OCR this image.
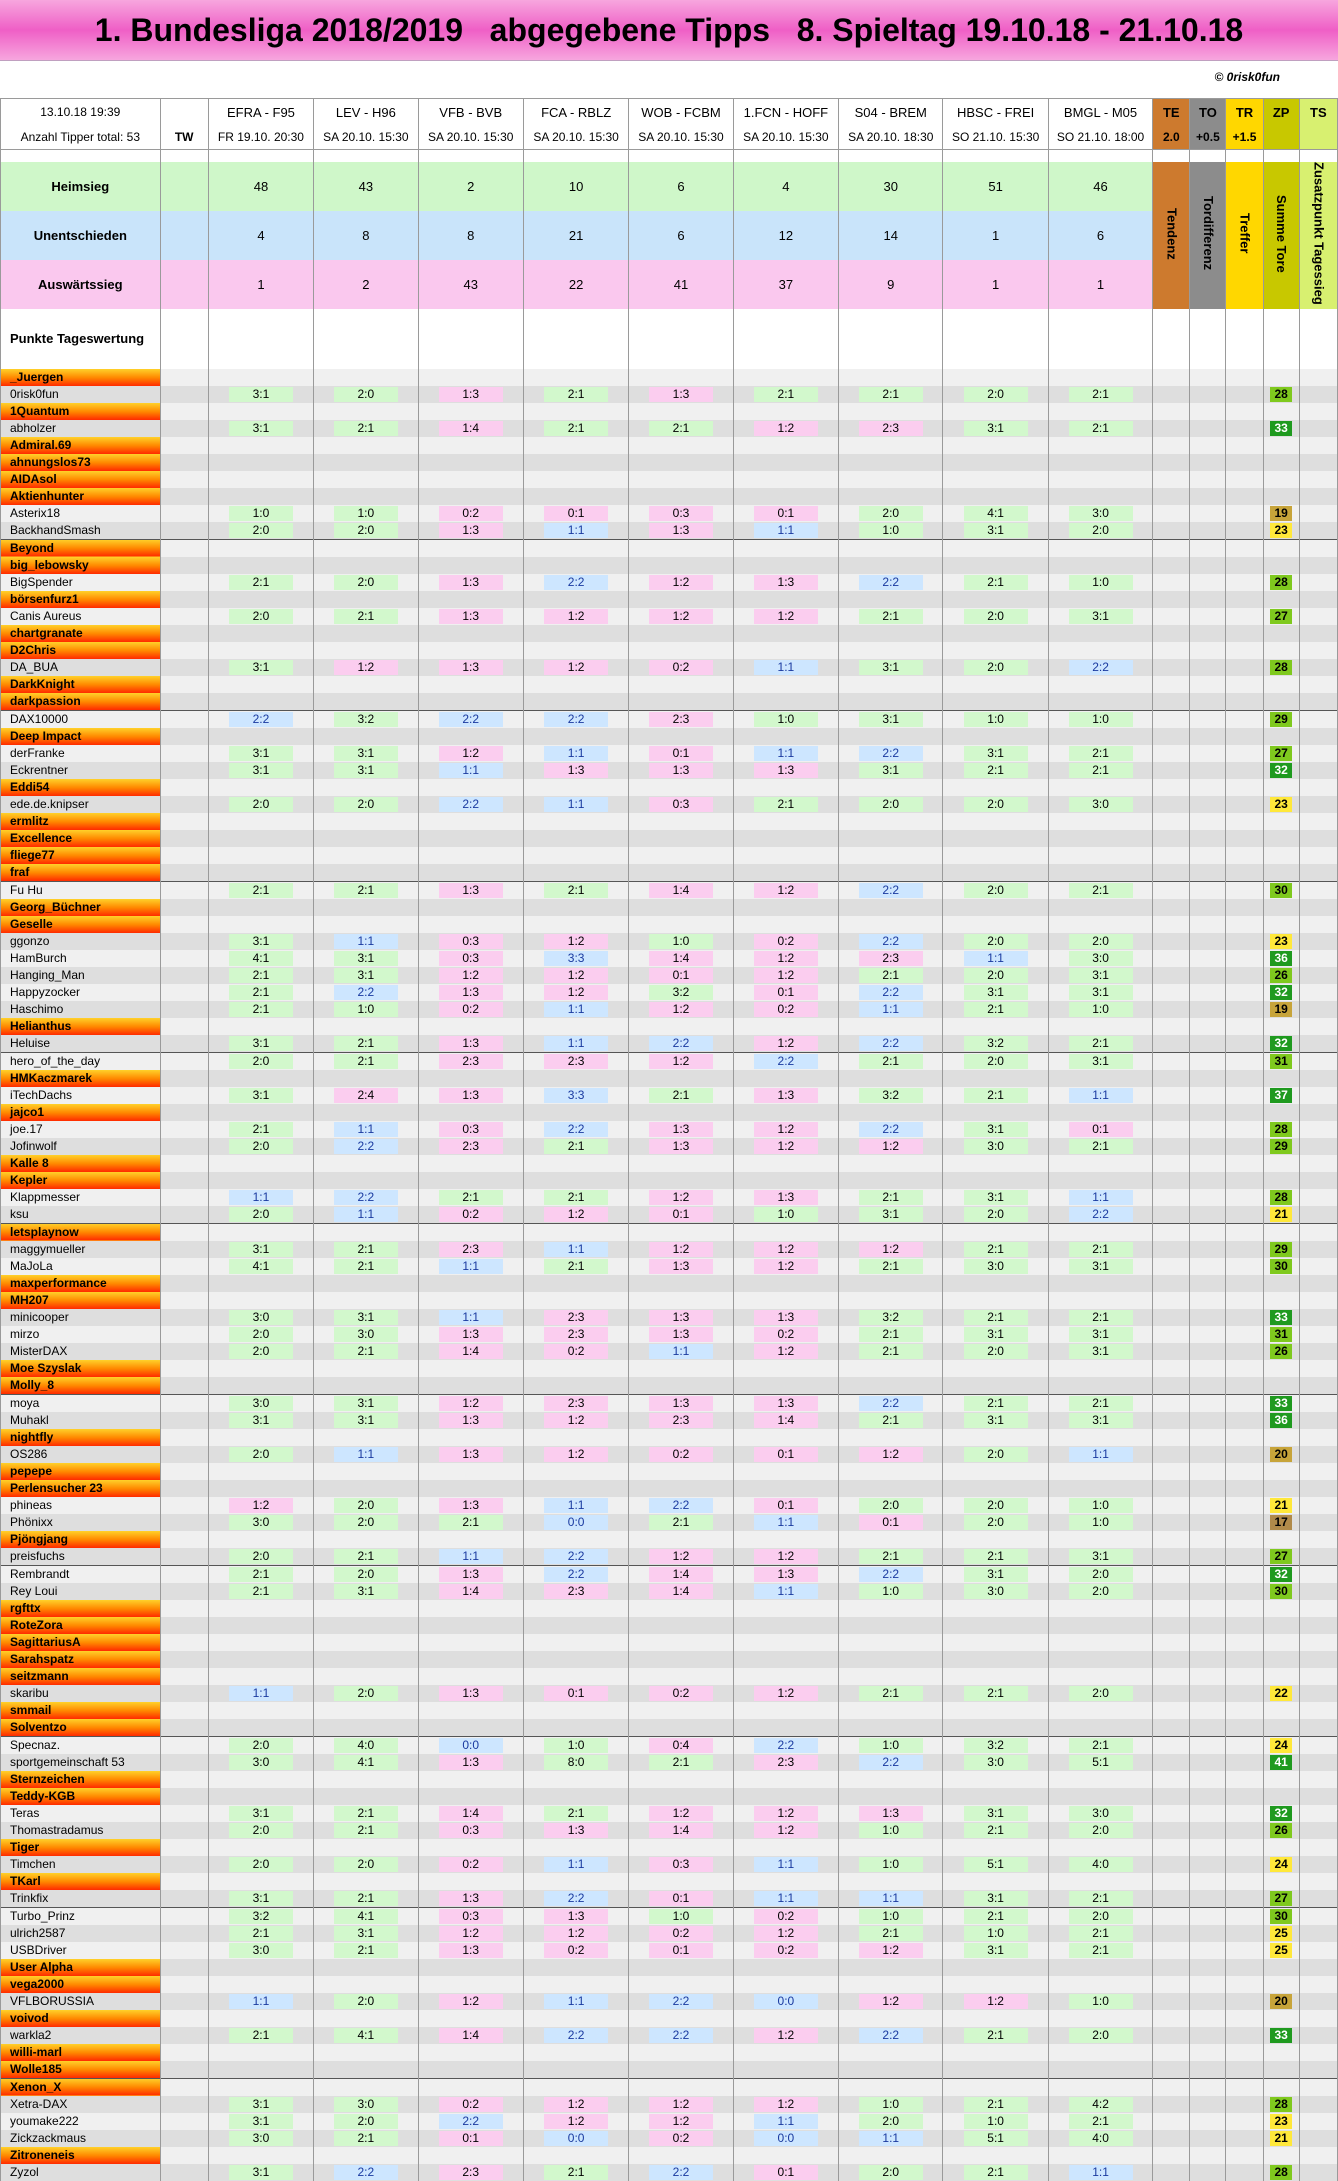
1. Bundesliga 2018/2019   abgegebene Tipps   8. Spieltag 19.10.18 - 21.10.18
© 0risk0fun
13.10.18 19:39		EFRA - F95	LEV - H96	VFB - BVB	FCA - RBLZ	WOB - FCBM	1.FCN - HOFF	S04 - BREM	HBSC - FREI	BMGL - M05	TE	TO	TR	ZP	TS
Anzahl Tipper total: 53	TW	FR 19.10. 20:30	SA 20.10. 15:30	SA 20.10. 15:30	SA 20.10. 15:30	SA 20.10. 15:30	SA 20.10. 15:30	SA 20.10. 18:30	SO 21.10. 15:30	SO 21.10. 18:00	2.0	+0.5	+1.5		

Heimsieg		48	43	2	10	6	4	30	51	46	Tendenz	Tordifferenz	Treffer	Summe Tore	Zusatzpunkt Tagessieg
Unentschieden		4	8	8	21	6	12	14	1	6					
Auswärtssieg		1	2	43	22	41	37	9	1	1					
Punkte Tageswertung															
_Juergen															
0risk0fun		3:1	2:0	1:3	2:1	1:3	2:1	2:1	2:0	2:1				28	
1Quantum															
abholzer		3:1	2:1	1:4	2:1	2:1	1:2	2:3	3:1	2:1				33	
Admiral.69															
ahnungslos73															
AIDAsol															
Aktienhunter															
Asterix18		1:0	1:0	0:2	0:1	0:3	0:1	2:0	4:1	3:0				19	
BackhandSmash		2:0	2:0	1:3	1:1	1:3	1:1	1:0	3:1	2:0				23	
Beyond															
big_lebowsky															
BigSpender		2:1	2:0	1:3	2:2	1:2	1:3	2:2	2:1	1:0				28	
börsenfurz1															
Canis Aureus		2:0	2:1	1:3	1:2	1:2	1:2	2:1	2:0	3:1				27	
chartgranate															
D2Chris															
DA_BUA		3:1	1:2	1:3	1:2	0:2	1:1	3:1	2:0	2:2				28	
DarkKnight															
darkpassion															
DAX10000		2:2	3:2	2:2	2:2	2:3	1:0	3:1	1:0	1:0				29	
Deep Impact															
derFranke		3:1	3:1	1:2	1:1	0:1	1:1	2:2	3:1	2:1				27	
Eckrentner		3:1	3:1	1:1	1:3	1:3	1:3	3:1	2:1	2:1				32	
Eddi54															
ede.de.knipser		2:0	2:0	2:2	1:1	0:3	2:1	2:0	2:0	3:0				23	
ermlitz															
Excellence															
fliege77															
fraf															
Fu Hu		2:1	2:1	1:3	2:1	1:4	1:2	2:2	2:0	2:1				30	
Georg_Büchner															
Geselle															
ggonzo		3:1	1:1	0:3	1:2	1:0	0:2	2:2	2:0	2:0				23	
HamBurch		4:1	3:1	0:3	3:3	1:4	1:2	2:3	1:1	3:0				36	
Hanging_Man		2:1	3:1	1:2	1:2	0:1	1:2	2:1	2:0	3:1				26	
Happyzocker		2:1	2:2	1:3	1:2	3:2	0:1	2:2	3:1	3:1				32	
Haschimo		2:1	1:0	0:2	1:1	1:2	0:2	1:1	2:1	1:0				19	
Helianthus															
Heluise		3:1	2:1	1:3	1:1	2:2	1:2	2:2	3:2	2:1				32	
hero_of_the_day		2:0	2:1	2:3	2:3	1:2	2:2	2:1	2:0	3:1				31	
HMKaczmarek															
iTechDachs		3:1	2:4	1:3	3:3	2:1	1:3	3:2	2:1	1:1				37	
jajco1															
joe.17		2:1	1:1	0:3	2:2	1:3	1:2	2:2	3:1	0:1				28	
Jofinwolf		2:0	2:2	2:3	2:1	1:3	1:2	1:2	3:0	2:1				29	
Kalle 8															
Kepler															
Klappmesser		1:1	2:2	2:1	2:1	1:2	1:3	2:1	3:1	1:1				28	
ksu		2:0	1:1	0:2	1:2	0:1	1:0	3:1	2:0	2:2				21	
letsplaynow															
maggymueller		3:1	2:1	2:3	1:1	1:2	1:2	1:2	2:1	2:1				29	
MaJoLa		4:1	2:1	1:1	2:1	1:3	1:2	2:1	3:0	3:1				30	
maxperformance															
MH207															
minicooper		3:0	3:1	1:1	2:3	1:3	1:3	3:2	2:1	2:1				33	
mirzo		2:0	3:0	1:3	2:3	1:3	0:2	2:1	3:1	3:1				31	
MisterDAX		2:0	2:1	1:4	0:2	1:1	1:2	2:1	2:0	3:1				26	
Moe Szyslak															
Molly_8															
moya		3:0	3:1	1:2	2:3	1:3	1:3	2:2	2:1	2:1				33	
Muhakl		3:1	3:1	1:3	1:2	2:3	1:4	2:1	3:1	3:1				36	
nightfly															
OS286		2:0	1:1	1:3	1:2	0:2	0:1	1:2	2:0	1:1				20	
pepepe															
Perlensucher 23															
phineas		1:2	2:0	1:3	1:1	2:2	0:1	2:0	2:0	1:0				21	
Phönixx		3:0	2:0	2:1	0:0	2:1	1:1	0:1	2:0	1:0				17	
Pjöngjang															
preisfuchs		2:0	2:1	1:1	2:2	1:2	1:2	2:1	2:1	3:1				27	
Rembrandt		2:1	2:0	1:3	2:2	1:4	1:3	2:2	3:1	2:0				32	
Rey Loui		2:1	3:1	1:4	2:3	1:4	1:1	1:0	3:0	2:0				30	
rgfttx															
RoteZora															
SagittariusA															
Sarahspatz															
seitzmann															
skaribu		1:1	2:0	1:3	0:1	0:2	1:2	2:1	2:1	2:0				22	
smmail															
Solventzo															
Specnaz.		2:0	4:0	0:0	1:0	0:4	2:2	1:0	3:2	2:1				24	
sportgemeinschaft 53		3:0	4:1	1:3	8:0	2:1	2:3	2:2	3:0	5:1				41	
Sternzeichen															
Teddy-KGB															
Teras		3:1	2:1	1:4	2:1	1:2	1:2	1:3	3:1	3:0				32	
Thomastradamus		2:0	2:1	0:3	1:3	1:4	1:2	1:0	2:1	2:0				26	
Tiger															
Timchen		2:0	2:0	0:2	1:1	0:3	1:1	1:0	5:1	4:0				24	
TKarl															
Trinkfix		3:1	2:1	1:3	2:2	0:1	1:1	1:1	3:1	2:1				27	
Turbo_Prinz		3:2	4:1	0:3	1:3	1:0	0:2	1:0	2:1	2:0				30	
ulrich2587		2:1	3:1	1:2	1:2	0:2	1:2	2:1	1:0	2:1				25	
USBDriver		3:0	2:1	1:3	0:2	0:1	0:2	1:2	3:1	2:1				25	
User Alpha															
vega2000															
VFLBORUSSIA		1:1	2:0	1:2	1:1	2:2	0:0	1:2	1:2	1:0				20	
voivod															
warkla2		2:1	4:1	1:4	2:2	2:2	1:2	2:2	2:1	2:0				33	
willi-marl															
Wolle185															
Xenon_X															
Xetra-DAX		3:1	3:0	0:2	1:2	1:2	1:2	1:0	2:1	4:2				28	
youmake222		3:1	2:0	2:2	1:2	1:2	1:1	2:0	1:0	2:1				23	
Zickzackmaus		3:0	2:1	0:1	0:0	0:2	0:0	1:1	5:1	4:0				21	
Zitroneneis															
Zyzol		3:1	2:2	2:3	2:1	2:2	0:1	2:0	2:1	1:1				28	
